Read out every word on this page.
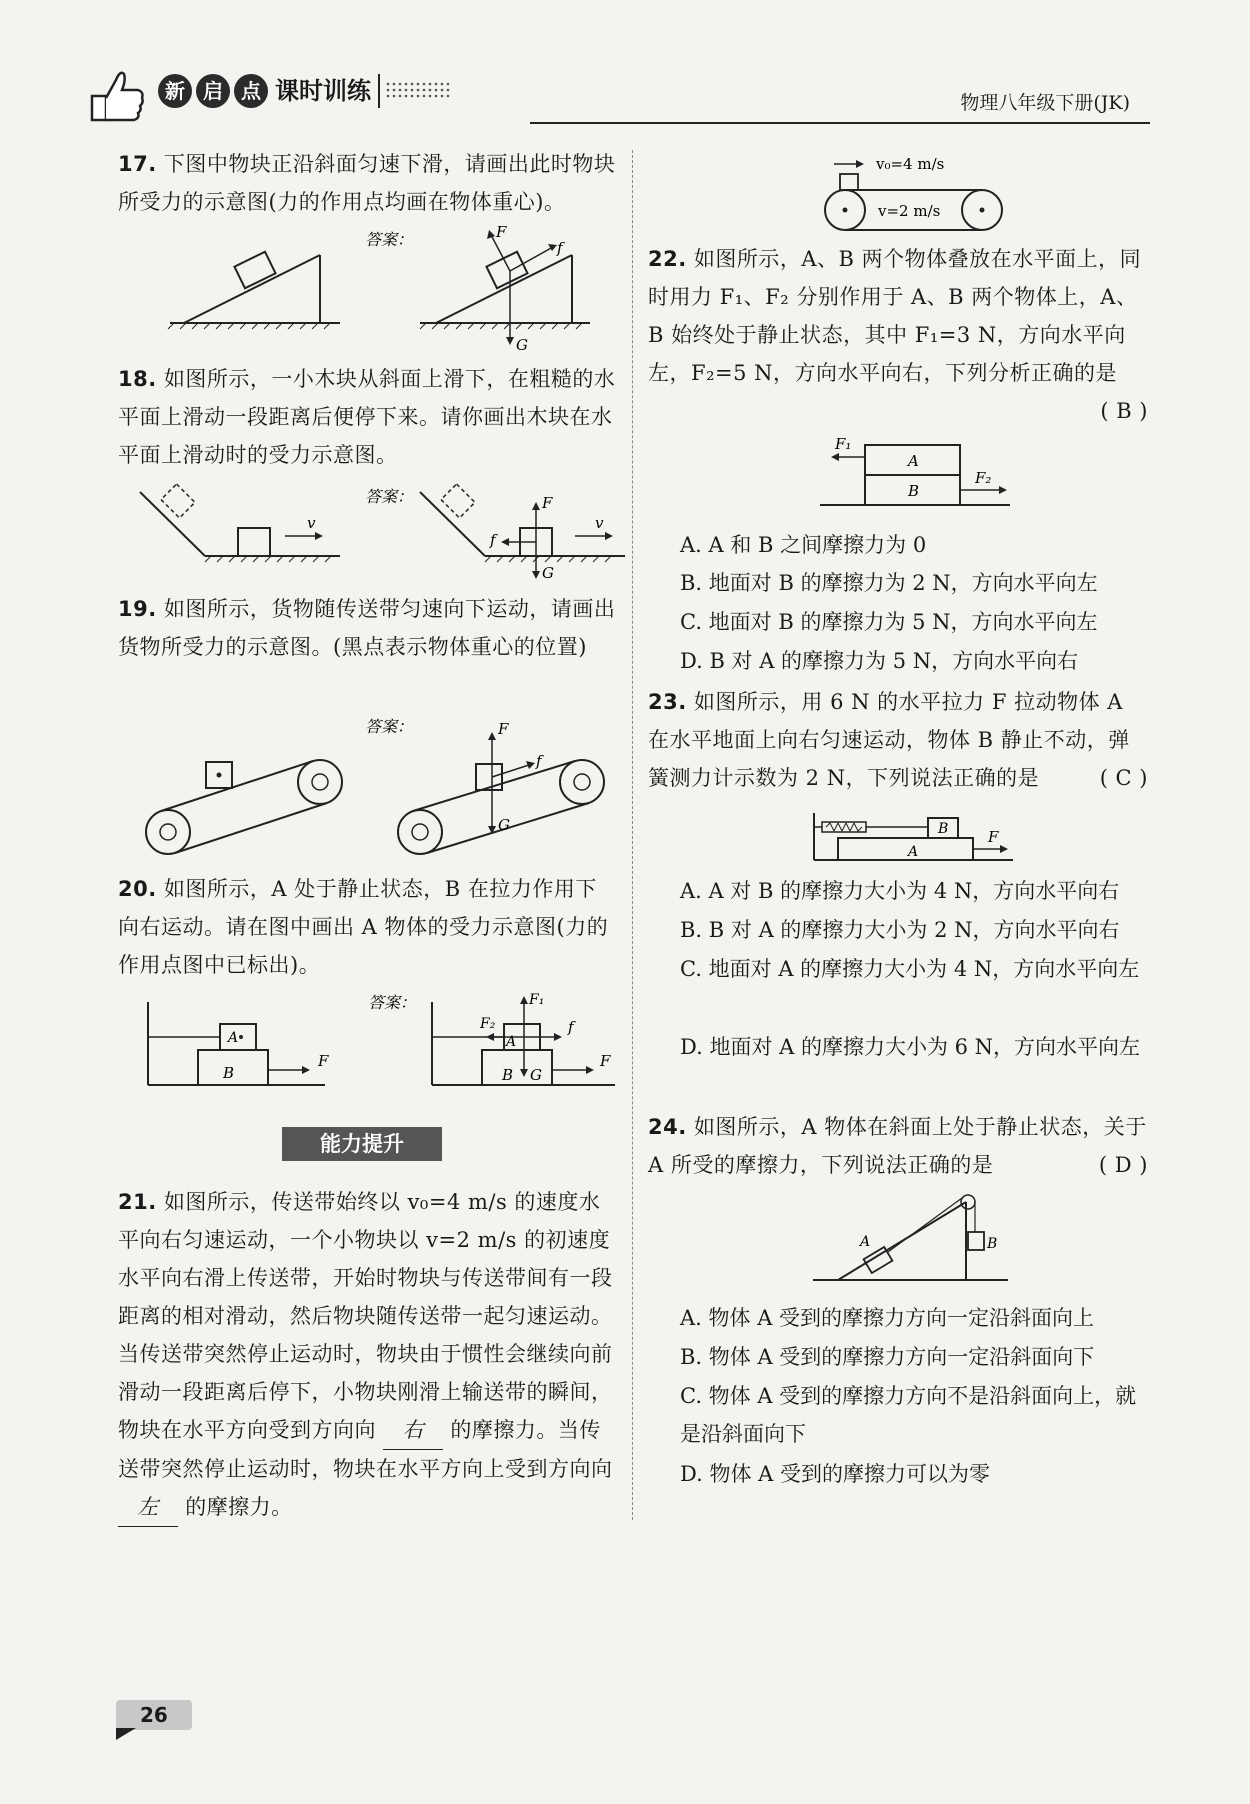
新 启 点 课时训练	物理八年级下册(JK)
17. 下图中物块正沿斜面匀速下滑，请画出此时物块所受力的示意图(力的作用点均画在物体重心)。
答案：	F
f
G
18. 如图所示，一小木块从斜面上滑下，在粗糙的水平面上滑动一段距离后便停下来。请你画出木块在水平面上滑动时的受力示意图。
v
答案：	F
f
G
v
19. 如图所示，货物随传送带匀速向下运动，请画出货物所受力的示意图。(黑点表示物体重心的位置)
答案：	F
f
G
20. 如图所示，A 处于静止状态，B 在拉力作用下向右运动。请在图中画出 A 物体的受力示意图(力的作用点图中已标出)。
A
B
F
答案：	F₁
F₂	f
A
B G
F
能力提升
21. 如图所示，传送带始终以 v₀=4 m/s 的速度水平向右匀速运动，一个小物块以 v=2 m/s 的初速度水平向右滑上传送带，开始时物块与传送带间有一段距离的相对滑动，然后物块随传送带一起匀速运动。当传送带突然停止运动时，物块由于惯性会继续向前滑动一段距离后停下，小物块刚滑上输送带的瞬间，物块在水平方向受到方向向 右 的摩擦力。当传送带突然停止运动时，物块在水平方向上受到方向向 左 的摩擦力。
26
v₀=4 m/s
v=2 m/s
22. 如图所示，A、B 两个物体叠放在水平面上，同时用力 F₁、F₂ 分别作用于 A、B 两个物体上，A、B 始终处于静止状态，其中 F₁=3 N，方向水平向左，F₂=5 N，方向水平向右，下列分析正确的是
( B )
F₁
F₂
A
B
A. A 和 B 之间摩擦力为 0
B. 地面对 B 的摩擦力为 2 N，方向水平向左
C. 地面对 B 的摩擦力为 5 N，方向水平向左
D. B 对 A 的摩擦力为 5 N，方向水平向右
23. 如图所示，用 6 N 的水平拉力 F 拉动物体 A 在水平地面上向右匀速运动，物体 B 静止不动，弹簧测力计示数为 2 N，下列说法正确的是	( C )
B
A
F
A. A 对 B 的摩擦力大小为 4 N，方向水平向右
B. B 对 A 的摩擦力大小为 2 N，方向水平向右
C. 地面对 A 的摩擦力大小为 4 N，方向水平向左
D. 地面对 A 的摩擦力大小为 6 N，方向水平向左
24. 如图所示，A 物体在斜面上处于静止状态，关于 A 所受的摩擦力，下列说法正确的是	( D )
A	B
A. 物体 A 受到的摩擦力方向一定沿斜面向上
B. 物体 A 受到的摩擦力方向一定沿斜面向下
C. 物体 A 受到的摩擦力方向不是沿斜面向上，就是沿斜面向下
D. 物体 A 受到的摩擦力可以为零
